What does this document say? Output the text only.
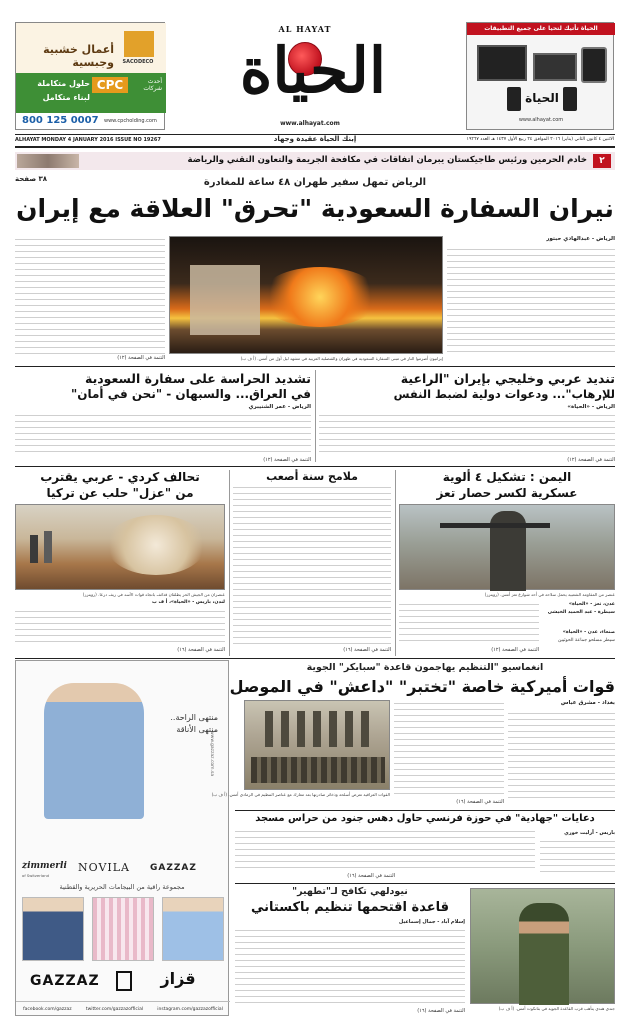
SACODECO
أعمال خشبية وجبسية
CPC	أحدث شركات
حلول متكاملة
لبناء متكامل
800 125 0007	www.cpcholding.com
AL HAYAT
الحياة
www.alhayat.com
الحياة تأتيك لتحيا على جميع التطبيقات
الحياة
www.alhayat.com
ALHAYAT MONDAY 4 JANUARY 2016 ISSUE NO 19267	إبنك الحياة عقيدة وجهاد	الاثنين ٤ كانون الثاني (يناير) ٢٠١٦ الموافق ٢٤ ربيع الأول ١٤٣٧ هـ العدد ١٩٢٦٧
خادم الحرمين ورئيس طاجيكستان يبرمان اتفاقات في مكافحة الجريمة والتعاون التقني والرياضة	٢
٣٨ صفحة	الرياض تمهل سفير طهران ٤٨ ساعة للمغادرة
نيران السفارة السعودية "تحرق" العلاقة مع إيران
التتمة في الصفحة (١٢)	إيرانيون أضرموا النار في مبنى السفارة السعودية في طهران والقنصلية العربية في مشهد ليل أول من أمس. (أ ف ب)
الرياض - عبدالهادي حبتور
تشديد الحراسة على سفارة السعودية
في العراق... والسبهان - "نحن في أمان"
الرياض - عمر الشنيبري
التتمة في الصفحة (١٢)
تنديد عربي وخليجي بإيران "الراعية
للإرهاب"... ودعوات دولية لضبط النفس
الرياض - «الحياة»
التتمة في الصفحة (١٢)
تحالف كردي - عربي يقترب
من "عزل" حلب عن تركيا
عنصران من الجيش الحر يطلقان قذائف باتجاه قوات الأسد في ريف درعا. (رويترز)
لندن، باريس - «الحياة»، أ ف ب
التتمة في الصفحة (١٦)
ملامح سنة أصعب
التتمة في الصفحة (١٦)
اليمن : تشكيل ٤ ألوية
عسكرية لكسر حصار تعز
عنصر من المقاومة الشعبية يحمل سلاحه في أحد شوارع تعز أمس. (رويترز)
عدن، تعز - «الحياة»
سيطرة - عبد الحميد الخيشي
صنعاء، عدن - «الحياة»
سيطر مسلحو جماعة الحوثيين
التتمة في الصفحة (١٢)
www.gazzaz.com.sa
منتهى الراحة..
منتهى الأناقة
zimmerli
of Switzerland
NOVILA	GAZZAZ
مجموعة راقية من البيجامات الحريرية والقطنية
GAZZAZ	قزاز
facebook.com/gazzaz	twitter.com/gazzazofficial	instagram.com/gazzazofficial
انغماسيو "التنظيم يهاجمون قاعدة "سبايكر" الجوية
قوات أميركية خاصة "تختبر" "داعش" في الموصل
القوات العراقية تعرض أسلحة وذخائر صادرتها بعد معارك مع عناصر التنظيم في الرمادي أمس. (أ ف ب)
بغداد - مشرق عباس
التتمة في الصفحة (١٦)
دعايات "جهادية" في حوزة فرنسي حاول دهس جنود من حراس مسجد
باريس - آرليت خوري
التتمة في الصفحة (١٦)
نيودلهي تكافح لـ"تطهير"
قاعدة اقتحمها تنظيم باكستاني
إسلام آباد - جمال إسماعيل
التتمة في الصفحة (١٦)	جندي هندي يتأهب قرب القاعدة الجوية في بثانكوت أمس. (أ ف ب)
